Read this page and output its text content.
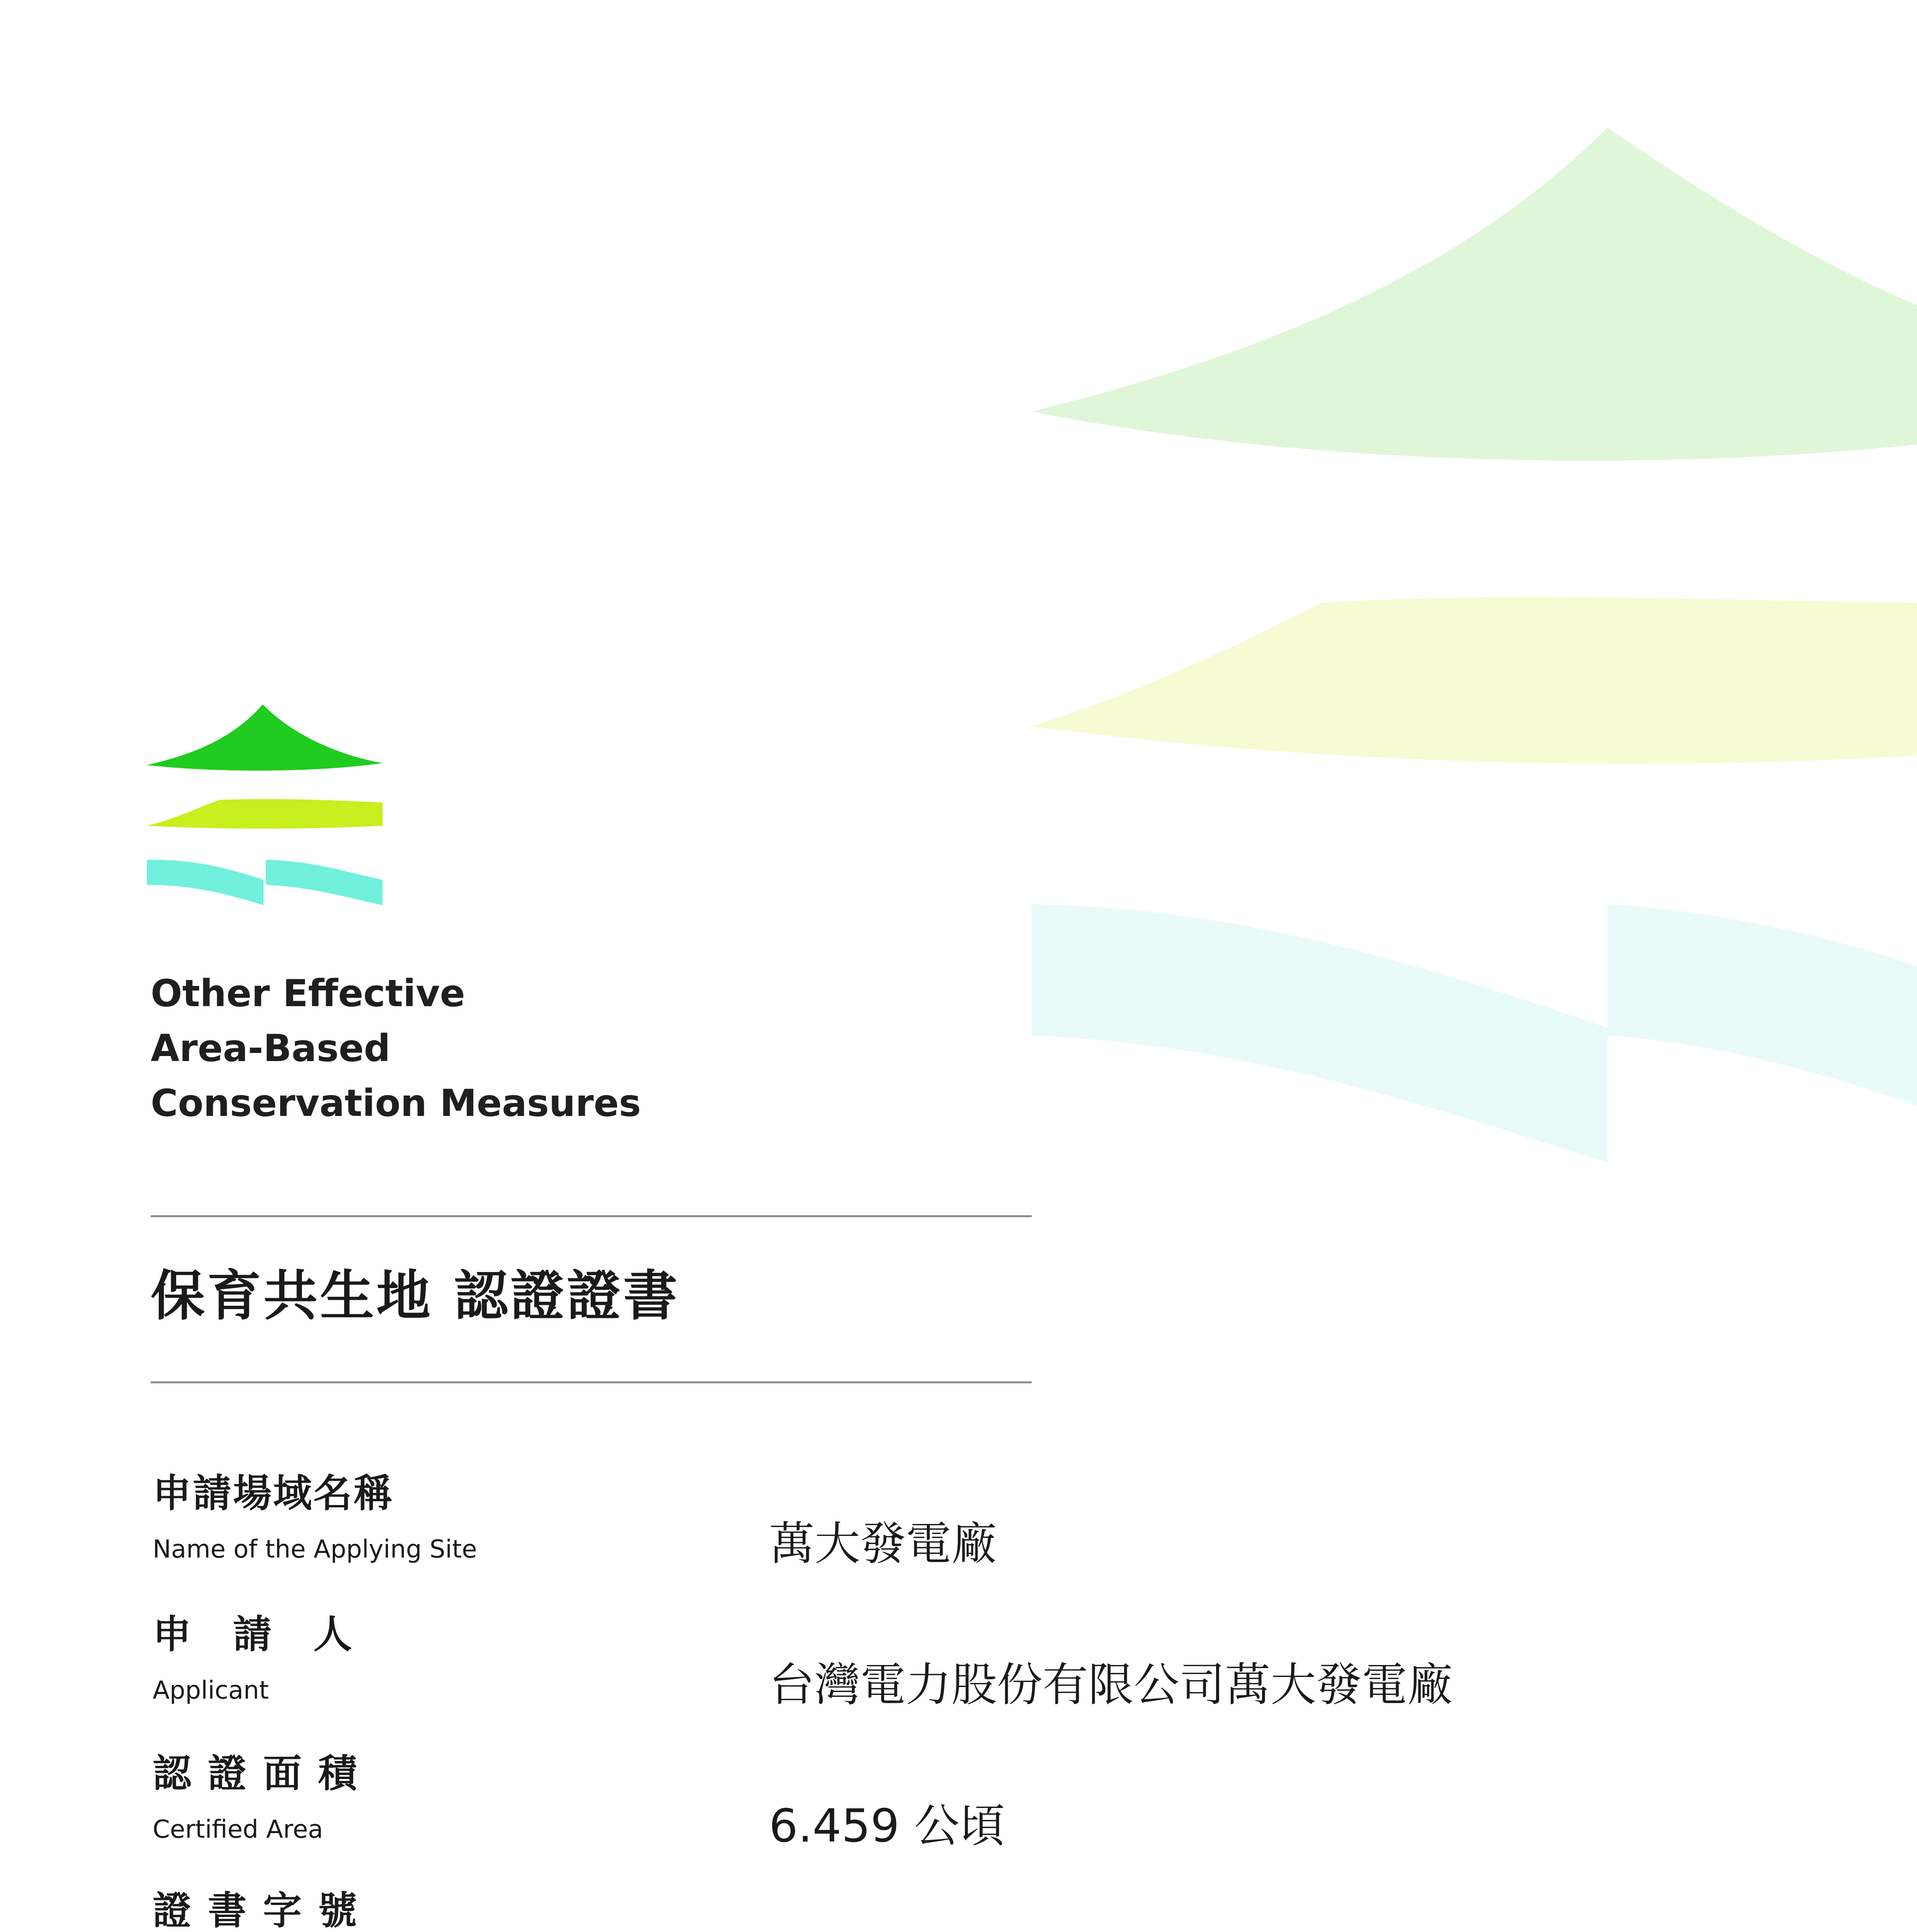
Other Effective
Area-Based
Conservation Measures
保育共生地 認證證書
申請場域名稱
Name of the Applying Site	萬大發電廠
申　請　人
Applicant	台灣電力股份有限公司萬大發電廠
認 證 面 積
Certified Area	6.459 公頃
證 書 字 號
